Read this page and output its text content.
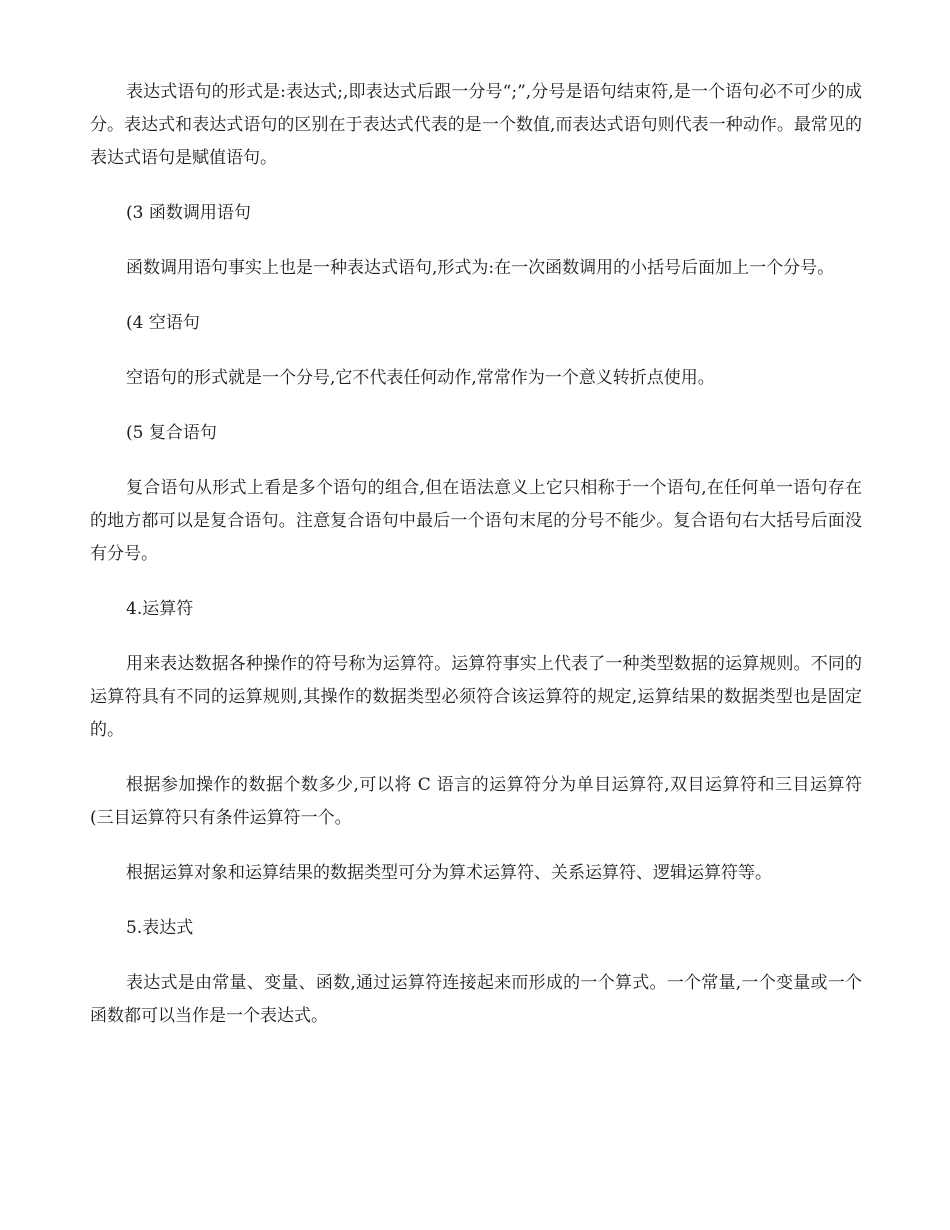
表达式语句的形式是:表达式;,即表达式后跟一分号“;”,分号是语句结束符,是一个语句必不可少的成分。表达式和表达式语句的区别在于表达式代表的是一个数值,而表达式语句则代表一种动作。最常见的表达式语句是赋值语句。

(3 函数调用语句

函数调用语句事实上也是一种表达式语句,形式为:在一次函数调用的小括号后面加上一个分号。

(4 空语句

空语句的形式就是一个分号,它不代表任何动作,常常作为一个意义转折点使用。

(5 复合语句

复合语句从形式上看是多个语句的组合,但在语法意义上它只相称于一个语句,在任何单一语句存在的地方都可以是复合语句。注意复合语句中最后一个语句末尾的分号不能少。复合语句右大括号后面没有分号。

4.运算符

用来表达数据各种操作的符号称为运算符。运算符事实上代表了一种类型数据的运算规则。不同的运算符具有不同的运算规则,其操作的数据类型必须符合该运算符的规定,运算结果的数据类型也是固定的。

根据参加操作的数据个数多少,可以将 C 语言的运算符分为单目运算符,双目运算符和三目运算符(三目运算符只有条件运算符一个。

根据运算对象和运算结果的数据类型可分为算术运算符、关系运算符、逻辑运算符等。

5.表达式

表达式是由常量、变量、函数,通过运算符连接起来而形成的一个算式。一个常量,一个变量或一个函数都可以当作是一个表达式。
